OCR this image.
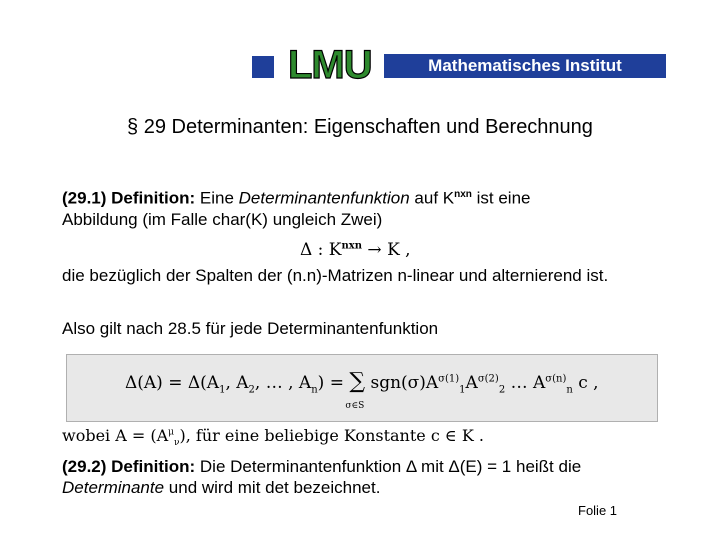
LMU	Mathematisches Institut
§ 29 Determinanten: Eigenschaften und Berechnung
(29.1) Definition: Eine Determinantenfunktion auf $K^{nxn}$ ist eine
Abbildung (im Falle char(K) ungleich Zwei)
Δ : $K^{nxn} \to K$ ,
die bezüglich der Spalten der (n.n)-Matrizen n-linear und alternierend ist.
Also gilt nach 28.5 für jede Determinantenfunktion
$\Delta(A) = \Delta(A_1$, $A_2$, … , $A_n$) = ∑
σ∈S
$sgn(\sigma)A^{\sigma(1)}_1A^{\sigma(2)}_2$ … $A^{\sigma(n)}_n$ c ,
wobei $A = (A^\mu_\nu)$, für eine beliebige Konstante c ∈ K .
(29.2) Definition: Die Determinantenfunktion Δ mit Δ(E) = 1 heißt die Determinante und wird mit det bezeichnet.
Folie 1
